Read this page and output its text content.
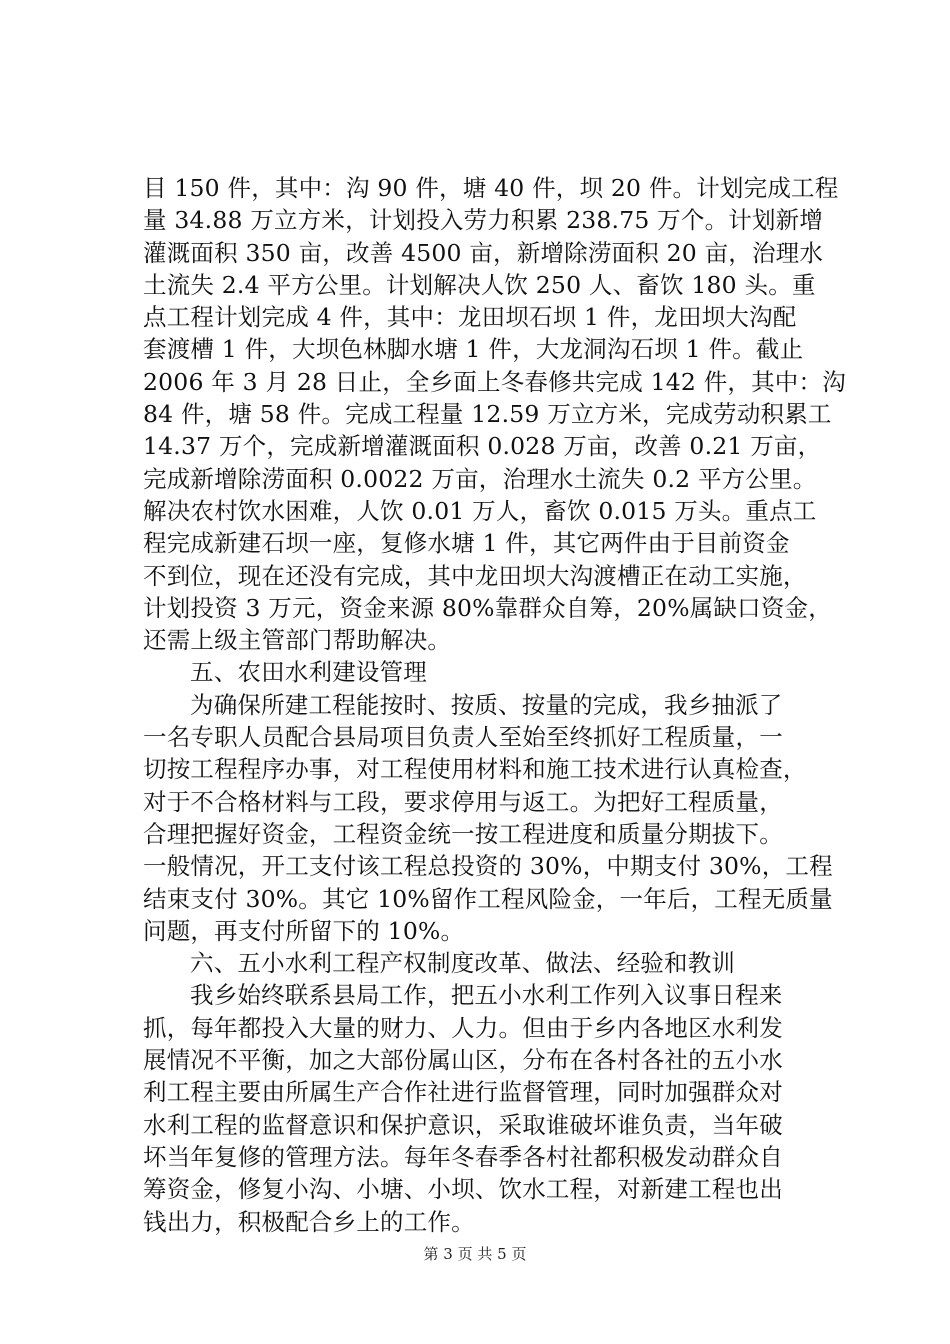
目 150 件，其中：沟 90 件，塘 40 件，坝 20 件。计划完成工程
量 34.88 万立方米，计划投入劳力积累 238.75 万个。计划新增
灌溉面积 350 亩，改善 4500 亩，新增除涝面积 20 亩，治理水
土流失 2.4 平方公里。计划解决人饮 250 人、畜饮 180 头。重
点工程计划完成 4 件，其中：龙田坝石坝 1 件，龙田坝大沟配
套渡槽 1 件，大坝色林脚水塘 1 件，大龙洞沟石坝 1 件。截止
2006 年 3 月 28 日止，全乡面上冬春修共完成 142 件，其中：沟
84 件，塘 58 件。完成工程量 12.59 万立方米，完成劳动积累工
14.37 万个，完成新增灌溉面积 0.028 万亩，改善 0.21 万亩，
完成新增除涝面积 0.0022 万亩，治理水土流失 0.2 平方公里。
解决农村饮水困难，人饮 0.01 万人，畜饮 0.015 万头。重点工
程完成新建石坝一座，复修水塘 1 件，其它两件由于目前资金
不到位，现在还没有完成，其中龙田坝大沟渡槽正在动工实施，
计划投资 3 万元，资金来源 80%靠群众自筹，20%属缺口资金，
还需上级主管部门帮助解决。
五、农田水利建设管理
为确保所建工程能按时、按质、按量的完成，我乡抽派了
一名专职人员配合县局项目负责人至始至终抓好工程质量，一
切按工程程序办事，对工程使用材料和施工技术进行认真检查，
对于不合格材料与工段，要求停用与返工。为把好工程质量，
合理把握好资金，工程资金统一按工程进度和质量分期拔下。
一般情况，开工支付该工程总投资的 30%，中期支付 30%，工程
结束支付 30%。其它 10%留作工程风险金，一年后，工程无质量
问题，再支付所留下的 10%。
六、五小水利工程产权制度改革、做法、经验和教训
我乡始终联系县局工作，把五小水利工作列入议事日程来
抓，每年都投入大量的财力、人力。但由于乡内各地区水利发
展情况不平衡，加之大部份属山区，分布在各村各社的五小水
利工程主要由所属生产合作社进行监督管理，同时加强群众对
水利工程的监督意识和保护意识，采取谁破坏谁负责，当年破
坏当年复修的管理方法。每年冬春季各村社都积极发动群众自
筹资金，修复小沟、小塘、小坝、饮水工程，对新建工程也出
钱出力，积极配合乡上的工作。
第 3 页 共 5 页
